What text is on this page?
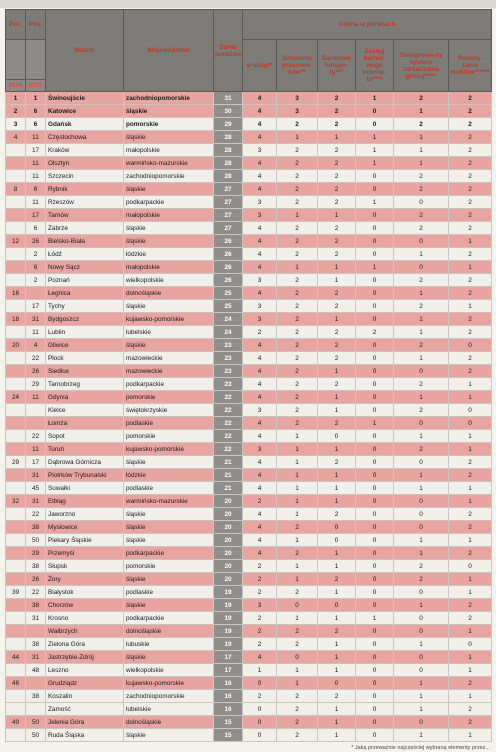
Poz.	Pos.	Miasto	Województwo	Suma punktów	Ocena w punktach					
					e-urząd*	Szkolenia pracowni-ków**	Darmowe hotspo-ty***	Zasięg darmo-wego interne-tu****	Zintegrowa-ny system zarządzania gminą*****	Rozwią-zania mobilne******
2016	2015									
1	1	Świnoujście	zachodniopomorskie	31	4	3	2	1	2	2
2	6	Katowice	śląskie	30	4	3	2	0	1	2
3	6	Gdańsk	pomorskie	29	4	2	2	0	2	2
4	11	Częstochowa	śląskie	28	4	1	1	1	1	2
	17	Kraków	małopolskie	28	3	2	2	1	1	2
	11	Olsztyn	warmińsko-mazurskie	28	4	2	2	1	1	2
	11	Szczecin	zachodniopomorskie	28	4	2	2	0	2	2
8	6	Rybnik	śląskie	27	4	2	2	0	2	2
	11	Rzeszów	podkarpackie	27	3	2	2	1	0	2
	17	Tarnów	małopolskie	27	3	1	1	0	2	2
	6	Zabrze	śląskie	27	4	2	2	0	2	2
12	26	Bielsko-Biała	śląskie	26	4	2	2	0	0	1
	2	Łódź	łódzkie	26	4	2	2	0	1	2
	6	Nowy Sącz	małopolskie	26	4	1	1	1	0	1
	2	Poznań	wielkopolskie	26	3	2	1	0	2	2
16		Legnica	dolnośląskie	25	4	2	2	0	1	2
	17	Tychy	śląskie	25	3	2	2	0	2	1
18	31	Bydgoszcz	kujawsko-pomorskie	24	3	2	1	0	1	2
	11	Lublin	lubelskie	24	2	2	2	2	1	2
20	4	Gliwice	śląskie	23	4	2	2	0	2	0
	22	Płock	mazowieckie	23	4	2	2	0	1	2
	26	Siedlce	mazowieckie	23	4	2	1	0	0	2
	29	Tarnobrzeg	podkarpackie	23	4	2	2	0	2	1
24	11	Gdynia	pomorskie	22	4	2	1	0	1	1
		Kielce	świętokrzyskie	22	3	2	1	0	2	0
		Łomża	podlaskie	22	4	2	2	1	0	0
	22	Sopot	pomorskie	22	4	1	0	0	1	1
	11	Toruń	kujawsko-pomorskie	22	3	1	1	0	2	1
29	17	Dąbrowa Górnicza	śląskie	21	4	1	2	0	0	2
	31	Piotrków Trybunalski	łódzkie	21	4	1	1	0	1	2
	45	Suwałki	podlaskie	21	4	1	1	0	1	1
32	31	Elbląg	warmińsko-mazurskie	20	2	1	1	0	0	1
	22	Jaworzno	śląskie	20	4	1	2	0	0	2
	38	Mysłowice	śląskie	20	4	2	0	0	0	2
	50	Piekary Śląskie	śląskie	20	4	1	0	0	1	1
	29	Przemyśl	podkarpackie	20	4	2	1	0	1	2
	38	Słupsk	pomorskie	20	2	1	1	0	2	0
	26	Żory	śląskie	20	2	1	2	0	2	1
39	22	Białystok	podlaskie	19	2	2	1	0	0	1
	38	Chorzów	śląskie	19	3	0	0	0	1	2
	31	Krosno	podkarpackie	19	2	1	1	1	0	2
		Wałbrzych	dolnośląskie	19	2	2	2	0	0	1
	38	Zielona Góra	lubuskie	19	2	2	1	0	1	0
44	31	Jastrzębie-Zdrój	śląskie	17	4	0	1	0	0	1
	48	Leszno	wielkopolskie	17	1	1	1	0	0	1
46		Grudziądz	kujawsko-pomorskie	16	0	1	0	0	1	2
	38	Koszalin	zachodniopomorskie	16	2	2	2	0	1	1
		Zamość	lubelskie	16	0	2	1	0	1	2
49	50	Jelenia Góra	dolnośląskie	15	0	2	1	0	0	2
	50	Ruda Śląska	śląskie	15	0	2	1	0	1	1
* Jaką przeważnie najczęściej wybraną elementy przez...
